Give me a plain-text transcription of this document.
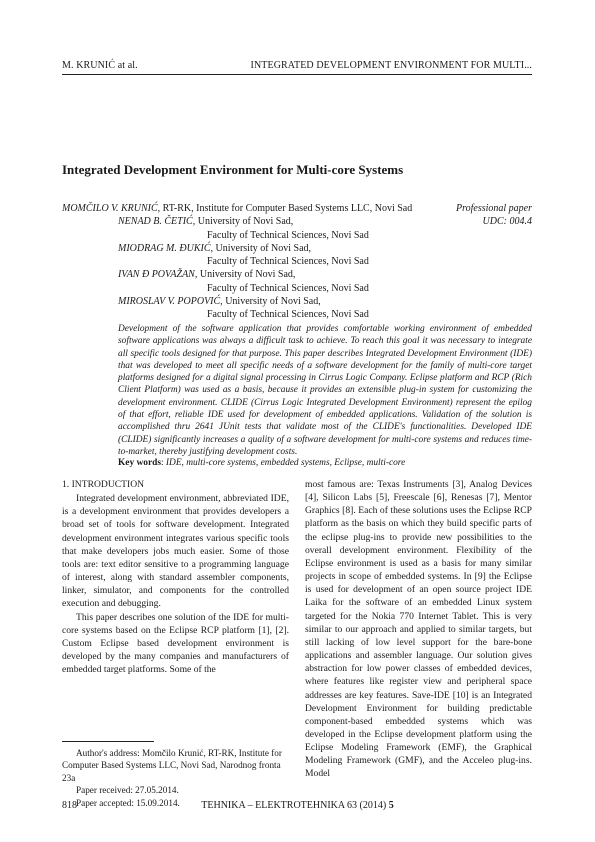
M. KRUNIĆ at al.	INTEGRATED DEVELOPMENT ENVIRONMENT FOR MULTI...
Integrated Development Environment for Multi-core Systems
MOMČILO V. KRUNIĆ, RT-RK, Institute for Computer Based Systems LLC, Novi Sad
NENAD B. ČETIĆ, University of Novi Sad,
Faculty of Technical Sciences, Novi Sad
MIODRAG M. ĐUKIĆ, University of Novi Sad,
Faculty of Technical Sciences, Novi Sad
IVAN Đ POVAŽAN, University of Novi Sad,
Faculty of Technical Sciences, Novi Sad
MIROSLAV V. POPOVIĆ, University of Novi Sad,
Faculty of Technical Sciences, Novi Sad
Professional paper
UDC: 004.4
Development of the software application that provides comfortable working environment of embedded software applications was always a difficult task to achieve. To reach this goal it was necessary to integrate all specific tools designed for that purpose. This paper describes Integrated Development Environment (IDE) that was developed to meet all specific needs of a software development for the family of multi-core target platforms designed for a digital signal processing in Cirrus Logic Company. Eclipse platform and RCP (Rich Client Platform) was used as a basis, because it provides an extensible plug-in system for customizing the development environment. CLIDE (Cirrus Logic Integrated Development Environment) represent the epilog of that effort, reliable IDE used for development of embedded applications. Validation of the solution is accomplished thru 2641 JUnit tests that validate most of the CLIDE's functionalities. Developed IDE (CLIDE) significantly increases a quality of a software development for multi-core systems and reduces time-to-market, thereby justifying development costs.
Key words: IDE, multi-core systems, embedded systems, Eclipse, multi-core
1. INTRODUCTION

Integrated development environment, abbreviated IDE, is a development environment that provides developers a broad set of tools for software development. Integrated development environment integrates various specific tools that make developers jobs much easier. Some of those tools are: text editor sensitive to a programming language of interest, along with standard assembler components, linker, simulator, and components for the controlled execution and debugging.

This paper describes one solution of the IDE for multi-core systems based on the Eclipse RCP platform [1], [2]. Custom Eclipse based development environment is developed by the many companies and manufacturers of embedded target platforms. Some of the

most famous are: Texas Instruments [3], Analog Devices [4], Silicon Labs [5], Freescale [6], Renesas [7], Mentor Graphics [8]. Each of these solutions uses the Eclipse RCP platform as the basis on which they build specific parts of the eclipse plug-ins to provide new possibilities to the overall development environment. Flexibility of the Eclipse environment is used as a basis for many similar projects in scope of embedded systems. In [9] the Eclipse is used for development of an open source project IDE Laika for the software of an embedded Linux system targeted for the Nokia 770 Internet Tablet. This is very similar to our approach and applied to similar targets, but still lacking of low level support for the bare-bone applications and assembler language. Our solution gives abstraction for low power classes of embedded devices, where features like register view and peripheral space addresses are key features. Save-IDE [10] is an Integrated Development Environment for building predictable component-based embedded systems which was developed in the Eclipse development platform using the Eclipse Modeling Framework (EMF), the Graphical Modeling Framework (GMF), and the Acceleo plug-ins. Model

Author's address: Momčilo Krunić, RT-RK, Institute for Computer Based Systems LLC, Novi Sad, Narodnog fronta 23a

Paper received: 27.05.2014.

Paper accepted: 15.09.2014.

818	TEHNIKA – ELEKTROTEHNIKA 63 (2014) 5
